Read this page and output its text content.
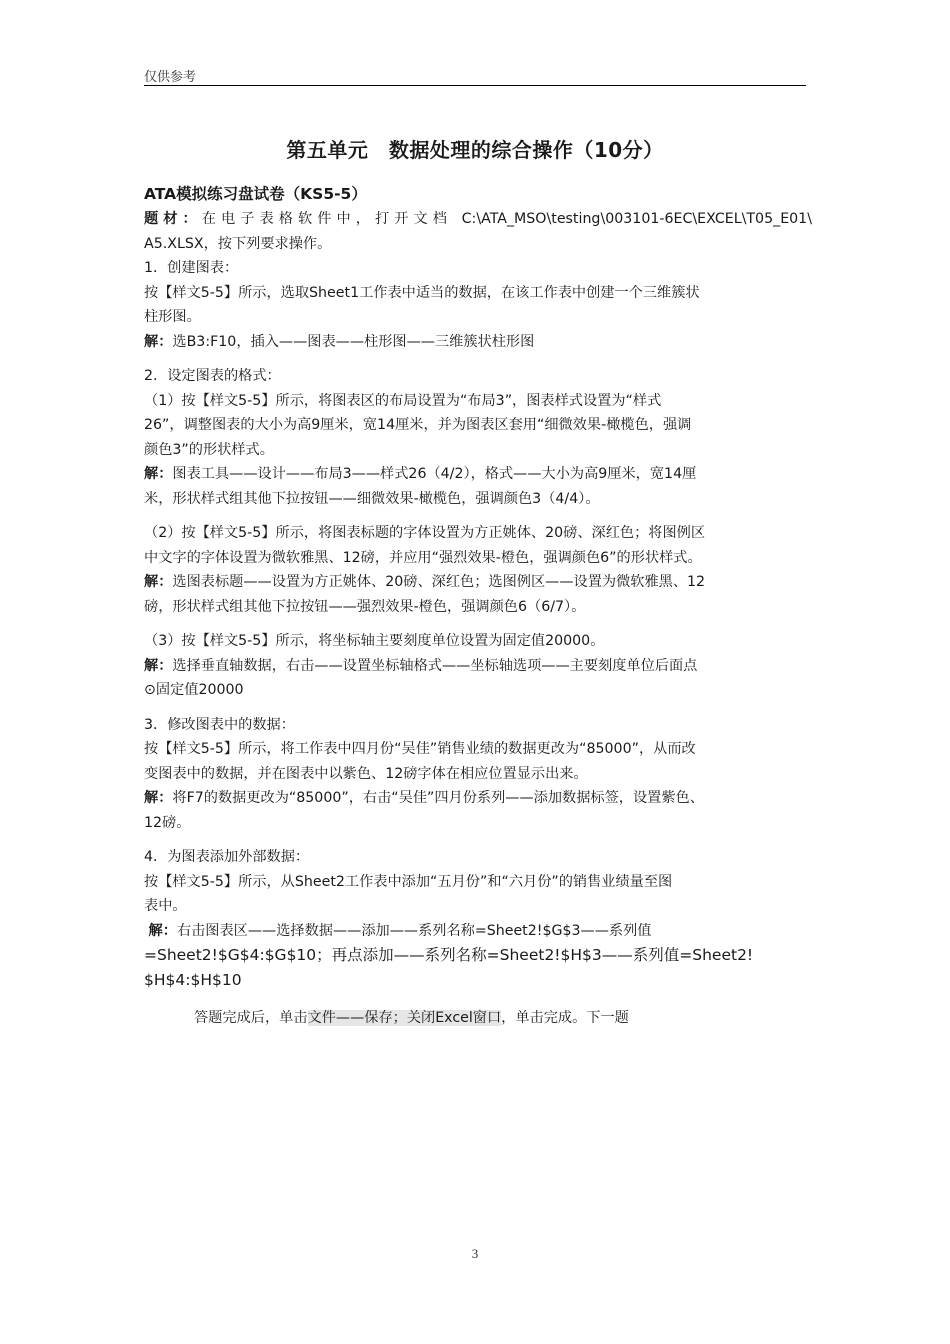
仅供参考
第五单元　数据处理的综合操作（10分）

ATA模拟练习盘试卷（KS5-5）

题材：在电子表格软件中，打开文档 C:\ATA_MSO\testing\003101-6EC\EXCEL\T05_E01\

A5.XLSX，按下列要求操作。

1．创建图表：

按【样文5-5】所示，选取Sheet1工作表中适当的数据，在该工作表中创建一个三维簇状

柱形图。

解：选B3:F10，插入——图表——柱形图——三维簇状柱形图

2．设定图表的格式：

（1）按【样文5-5】所示，将图表区的布局设置为“布局3”，图表样式设置为“样式

26”，调整图表的大小为高9厘米，宽14厘米，并为图表区套用“细微效果-橄榄色，强调

颜色3”的形状样式。

解：图表工具——设计——布局3——样式26（4/2），格式——大小为高9厘米，宽14厘

米，形状样式组其他下拉按钮——细微效果-橄榄色，强调颜色3（4/4）。

（2）按【样文5-5】所示，将图表标题的字体设置为方正姚体、20磅、深红色；将图例区

中文字的字体设置为微软雅黑、12磅，并应用“强烈效果-橙色，强调颜色6”的形状样式。

解：选图表标题——设置为方正姚体、20磅、深红色；选图例区——设置为微软雅黑、12

磅，形状样式组其他下拉按钮——强烈效果-橙色，强调颜色6（6/7）。

（3）按【样文5-5】所示，将坐标轴主要刻度单位设置为固定值20000。

解：选择垂直轴数据，右击——设置坐标轴格式——坐标轴选项——主要刻度单位后面点

⊙固定值20000

3．修改图表中的数据：

按【样文5-5】所示，将工作表中四月份“吴佳”销售业绩的数据更改为“85000”，从而改

变图表中的数据，并在图表中以紫色、12磅字体在相应位置显示出来。

解：将F7的数据更改为“85000”，右击“吴佳”四月份系列——添加数据标签，设置紫色、

12磅。

4．为图表添加外部数据：

按【样文5-5】所示，从Sheet2工作表中添加“五月份”和“六月份”的销售业绩量至图

表中。

解：右击图表区——选择数据——添加——系列名称=Sheet2!$G$3——系列值

=Sheet2!$G$4:$G$10；再点添加——系列名称=Sheet2!$H$3——系列值=Sheet2!

$H$4:$H$10

答题完成后，单击文件——保存；关闭Excel窗口，单击完成。下一题

3
